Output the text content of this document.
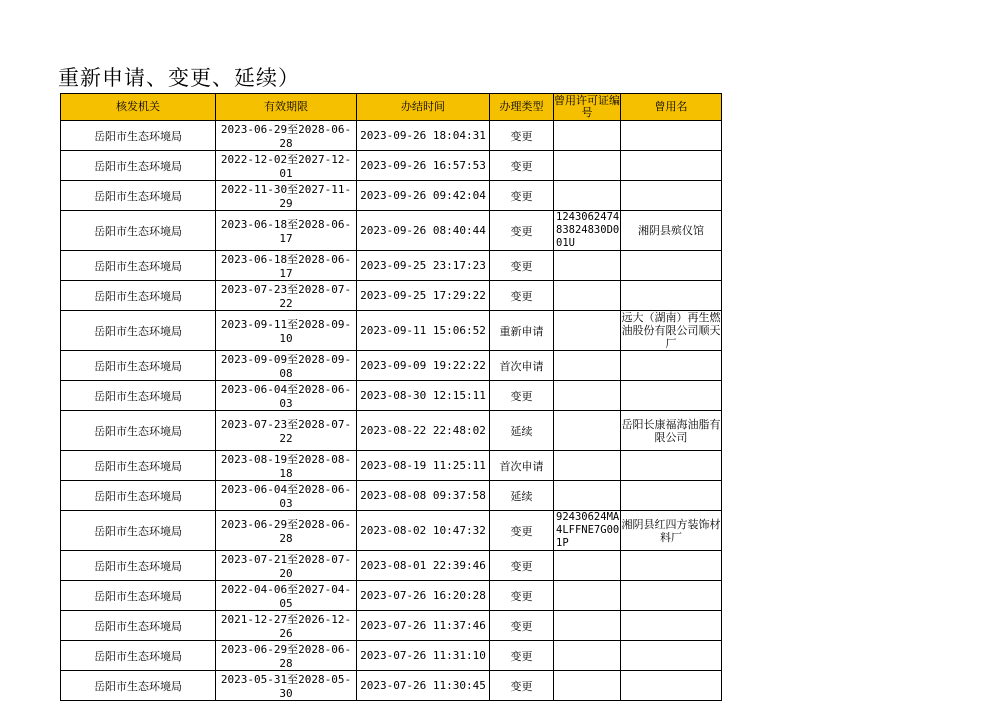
重新申请、变更、延续）
核发机关	有效期限	办结时间	办理类型	曾用许可证编号	曾用名

岳阳市生态环境局	2023-06-29至2028-06-28	2023-09-26 18:04:31	变更		

岳阳市生态环境局	2022-12-02至2027-12-01	2023-09-26 16:57:53	变更		

岳阳市生态环境局	2022-11-30至2027-11-29	2023-09-26 09:42:04	变更		

岳阳市生态环境局	2023-06-18至2028-06-17	2023-09-26 08:40:44	变更	124306247483824830D001U	湘阴县殡仪馆

岳阳市生态环境局	2023-06-18至2028-06-17	2023-09-25 23:17:23	变更		

岳阳市生态环境局	2023-07-23至2028-07-22	2023-09-25 17:29:22	变更		

岳阳市生态环境局	2023-09-11至2028-09-10	2023-09-11 15:06:52	重新申请		远大（湖南）再生燃油股份有限公司顺天厂

岳阳市生态环境局	2023-09-09至2028-09-08	2023-09-09 19:22:22	首次申请		

岳阳市生态环境局	2023-06-04至2028-06-03	2023-08-30 12:15:11	变更		

岳阳市生态环境局	2023-07-23至2028-07-22	2023-08-22 22:48:02	延续		岳阳长康福海油脂有限公司

岳阳市生态环境局	2023-08-19至2028-08-18	2023-08-19 11:25:11	首次申请		

岳阳市生态环境局	2023-06-04至2028-06-03	2023-08-08 09:37:58	延续		

岳阳市生态环境局	2023-06-29至2028-06-28	2023-08-02 10:47:32	变更	92430624MA4LFFNE7G001P	湘阴县红四方装饰材料厂

岳阳市生态环境局	2023-07-21至2028-07-20	2023-08-01 22:39:46	变更		

岳阳市生态环境局	2022-04-06至2027-04-05	2023-07-26 16:20:28	变更		

岳阳市生态环境局	2021-12-27至2026-12-26	2023-07-26 11:37:46	变更		

岳阳市生态环境局	2023-06-29至2028-06-28	2023-07-26 11:31:10	变更		

岳阳市生态环境局	2023-05-31至2028-05-30	2023-07-26 11:30:45	变更		
